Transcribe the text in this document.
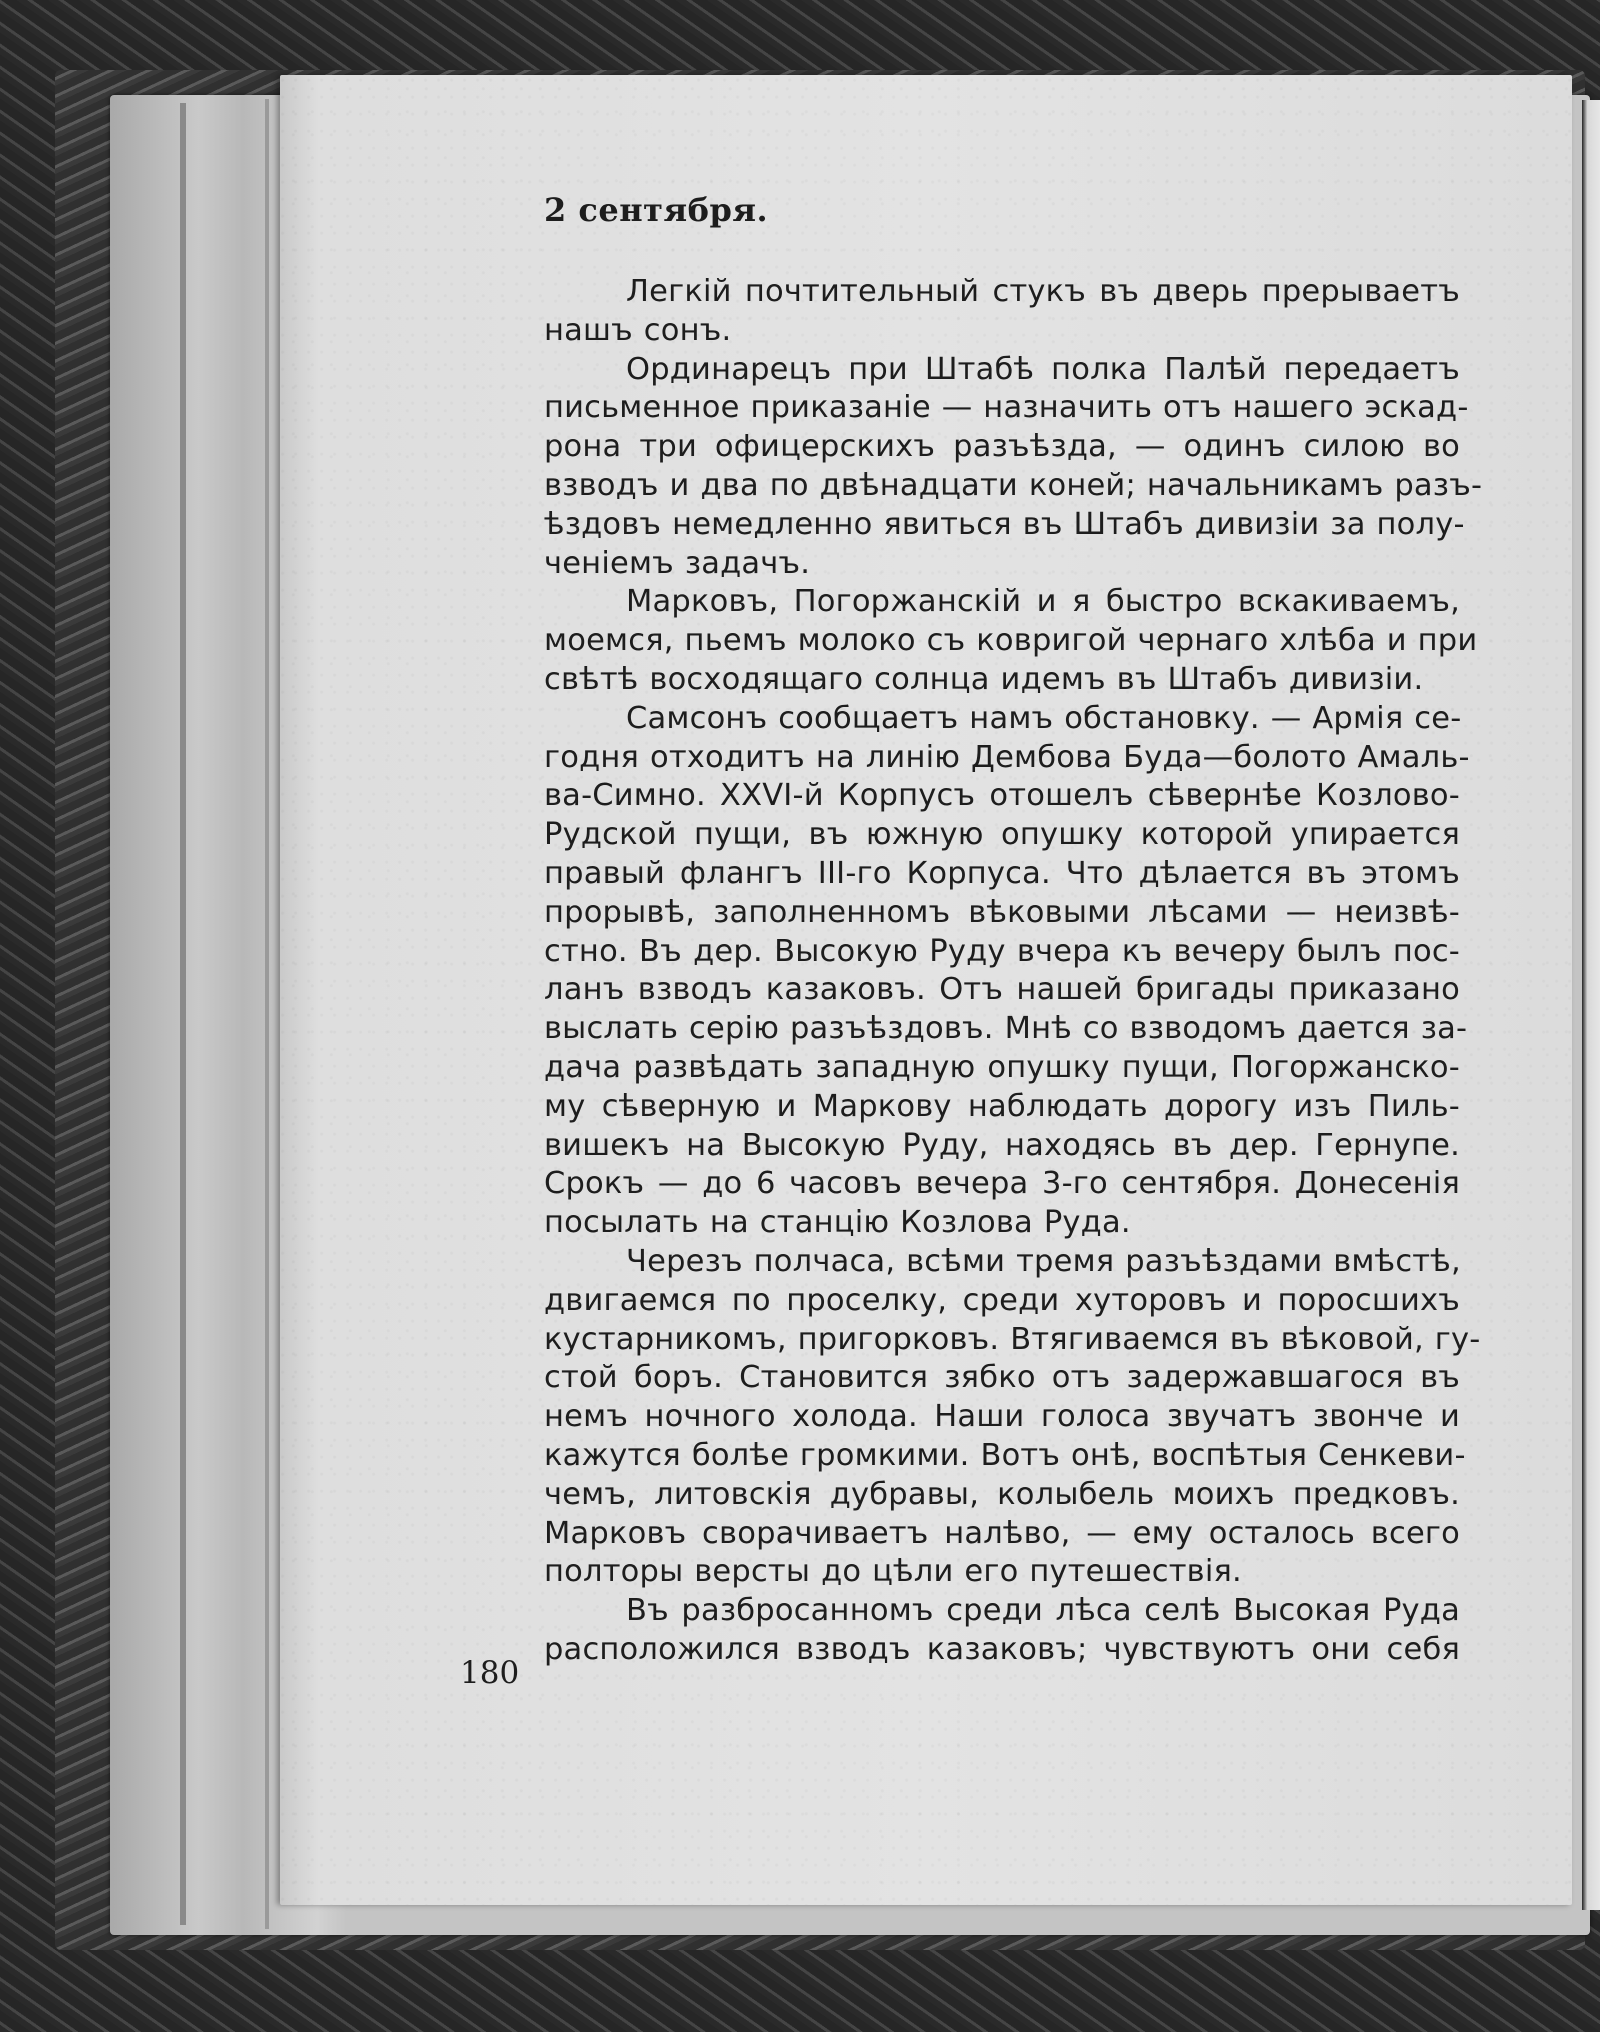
2 сентября.
Легкій почтительный стукъ въ дверь прерываетъ
нашъ сонъ.
Ординарецъ при Штабѣ полка Палѣй передаетъ
письменное приказаніе — назначить отъ нашего эскад-
рона три офицерскихъ разъѣзда, — одинъ силою во
взводъ и два по двѣнадцати коней; начальникамъ разъ-
ѣздовъ немедленно явиться въ Штабъ дивизіи за полу-
ченіемъ задачъ.
Марковъ, Погоржанскій и я быстро вскакиваемъ,
моемся, пьемъ молоко съ ковригой чернаго хлѣба и при
свѣтѣ восходящаго солнца идемъ въ Штабъ дивизіи.
Самсонъ сообщаетъ намъ обстановку. — Армія се-
годня отходитъ на линію Дембова Буда—болото Амаль-
ва-Симно. XXVI-й Корпусъ отошелъ сѣвернѣе Козлово-
Рудской пущи, въ южную опушку которой упирается
правый флангъ III-го Корпуса. Что дѣлается въ этомъ
прорывѣ, заполненномъ вѣковыми лѣсами — неизвѣ-
стно. Въ дер. Высокую Руду вчера къ вечеру былъ пос-
ланъ взводъ казаковъ. Отъ нашей бригады приказано
выслать серію разъѣздовъ. Мнѣ со взводомъ дается за-
дача развѣдать западную опушку пущи, Погоржанско-
му сѣверную и Маркову наблюдать дорогу изъ Пиль-
вишекъ на Высокую Руду, находясь въ дер. Гернупе.
Срокъ — до 6 часовъ вечера 3-го сентября. Донесенія
посылать на станцію Козлова Руда.
Черезъ полчаса, всѣми тремя разъѣздами вмѣстѣ,
двигаемся по проселку, среди хуторовъ и поросшихъ
кустарникомъ, пригорковъ. Втягиваемся въ вѣковой, гу-
стой боръ. Становится зябко отъ задержавшагося въ
немъ ночного холода. Наши голоса звучатъ звонче и
кажутся болѣе громкими. Вотъ онѣ, воспѣтыя Сенкеви-
чемъ, литовскія дубравы, колыбель моихъ предковъ.
Марковъ сворачиваетъ налѣво, — ему осталось всего
полторы версты до цѣли его путешествія.
Въ разбросанномъ среди лѣса селѣ Высокая Руда
расположился взводъ казаковъ; чувствуютъ они себя
180
